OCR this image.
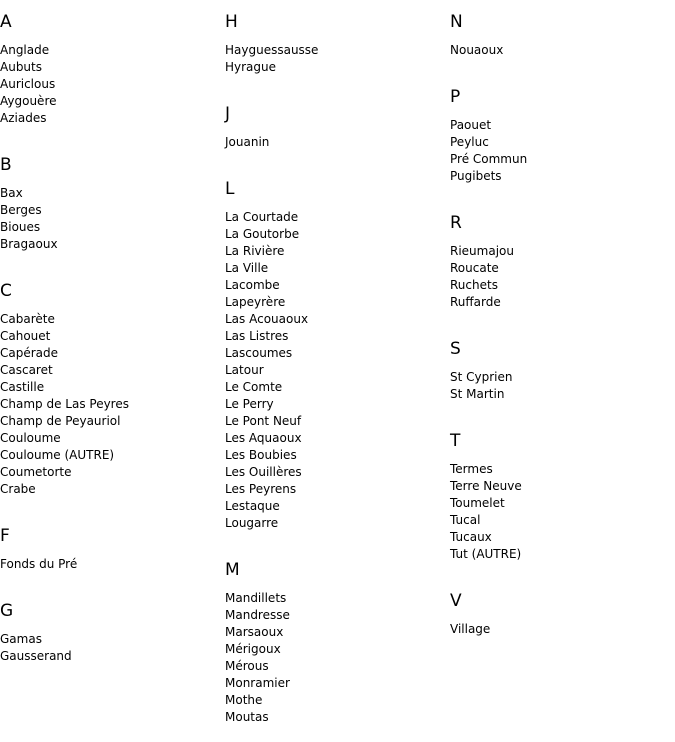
A
Anglade
Aubuts
Auriclous
Aygouère
Aziades
B
Bax
Berges
Bioues
Bragaoux
C
Cabarète
Cahouet
Capérade
Cascaret
Castille
Champ de Las Peyres
Champ de Peyauriol
Couloume
Couloume (AUTRE)
Coumetorte
Crabe
F
Fonds du Pré
G
Gamas
Gausserand
H
Hayguessausse
Hyrague
J
Jouanin
L
La Courtade
La Goutorbe
La Rivière
La Ville
Lacombe
Lapeyrère
Las Acouaoux
Las Listres
Lascoumes
Latour
Le Comte
Le Perry
Le Pont Neuf
Les Aquaoux
Les Boubies
Les Ouillères
Les Peyrens
Lestaque
Lougarre
M
Mandillets
Mandresse
Marsaoux
Mérigoux
Mérous
Monramier
Mothe
Moutas
N
Nouaoux
P
Paouet
Peyluc
Pré Commun
Pugibets
R
Rieumajou
Roucate
Ruchets
Ruffarde
S
St Cyprien
St Martin
T
Termes
Terre Neuve
Toumelet
Tucal
Tucaux
Tut (AUTRE)
V
Village
